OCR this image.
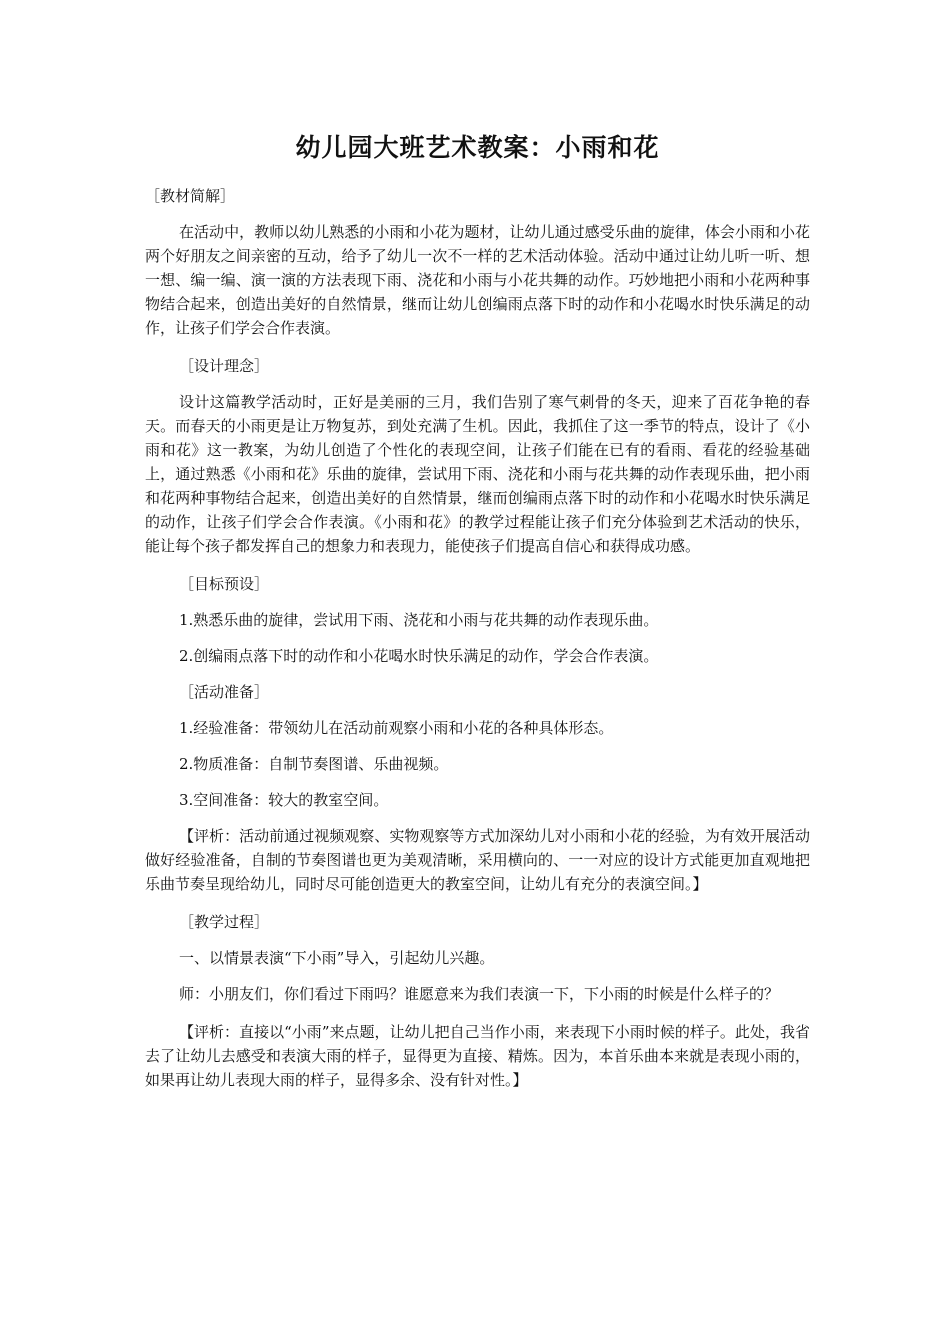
幼儿园大班艺术教案：小雨和花

［教材简解］

在活动中，教师以幼儿熟悉的小雨和小花为题材，让幼儿通过感受乐曲的旋律，体会小雨和小花两个好朋友之间亲密的互动，给予了幼儿一次不一样的艺术活动体验。活动中通过让幼儿听一听、想一想、编一编、演一演的方法表现下雨、浇花和小雨与小花共舞的动作。巧妙地把小雨和小花两种事物结合起来，创造出美好的自然情景，继而让幼儿创编雨点落下时的动作和小花喝水时快乐满足的动作，让孩子们学会合作表演。

［设计理念］

设计这篇教学活动时，正好是美丽的三月，我们告别了寒气刺骨的冬天，迎来了百花争艳的春天。而春天的小雨更是让万物复苏，到处充满了生机。因此，我抓住了这一季节的特点，设计了《小雨和花》这一教案，为幼儿创造了个性化的表现空间，让孩子们能在已有的看雨、看花的经验基础上，通过熟悉《小雨和花》乐曲的旋律，尝试用下雨、浇花和小雨与花共舞的动作表现乐曲，把小雨和花两种事物结合起来，创造出美好的自然情景，继而创编雨点落下时的动作和小花喝水时快乐满足的动作，让孩子们学会合作表演。《小雨和花》的教学过程能让孩子们充分体验到艺术活动的快乐，能让每个孩子都发挥自己的想象力和表现力，能使孩子们提高自信心和获得成功感。

［目标预设］

1.熟悉乐曲的旋律，尝试用下雨、浇花和小雨与花共舞的动作表现乐曲。

2.创编雨点落下时的动作和小花喝水时快乐满足的动作，学会合作表演。

［活动准备］

1.经验准备：带领幼儿在活动前观察小雨和小花的各种具体形态。

2.物质准备：自制节奏图谱、乐曲视频。

3.空间准备：较大的教室空间。

【评析：活动前通过视频观察、实物观察等方式加深幼儿对小雨和小花的经验，为有效开展活动做好经验准备，自制的节奏图谱也更为美观清晰，采用横向的、一一对应的设计方式能更加直观地把乐曲节奏呈现给幼儿，同时尽可能创造更大的教室空间，让幼儿有充分的表演空间。】

［教学过程］

一、以情景表演“下小雨”导入，引起幼儿兴趣。

师：小朋友们，你们看过下雨吗？谁愿意来为我们表演一下，下小雨的时候是什么样子的？

【评析：直接以“小雨”来点题，让幼儿把自己当作小雨，来表现下小雨时候的样子。此处，我省去了让幼儿去感受和表演大雨的样子，显得更为直接、精炼。因为，本首乐曲本来就是表现小雨的，如果再让幼儿表现大雨的样子，显得多余、没有针对性。】
